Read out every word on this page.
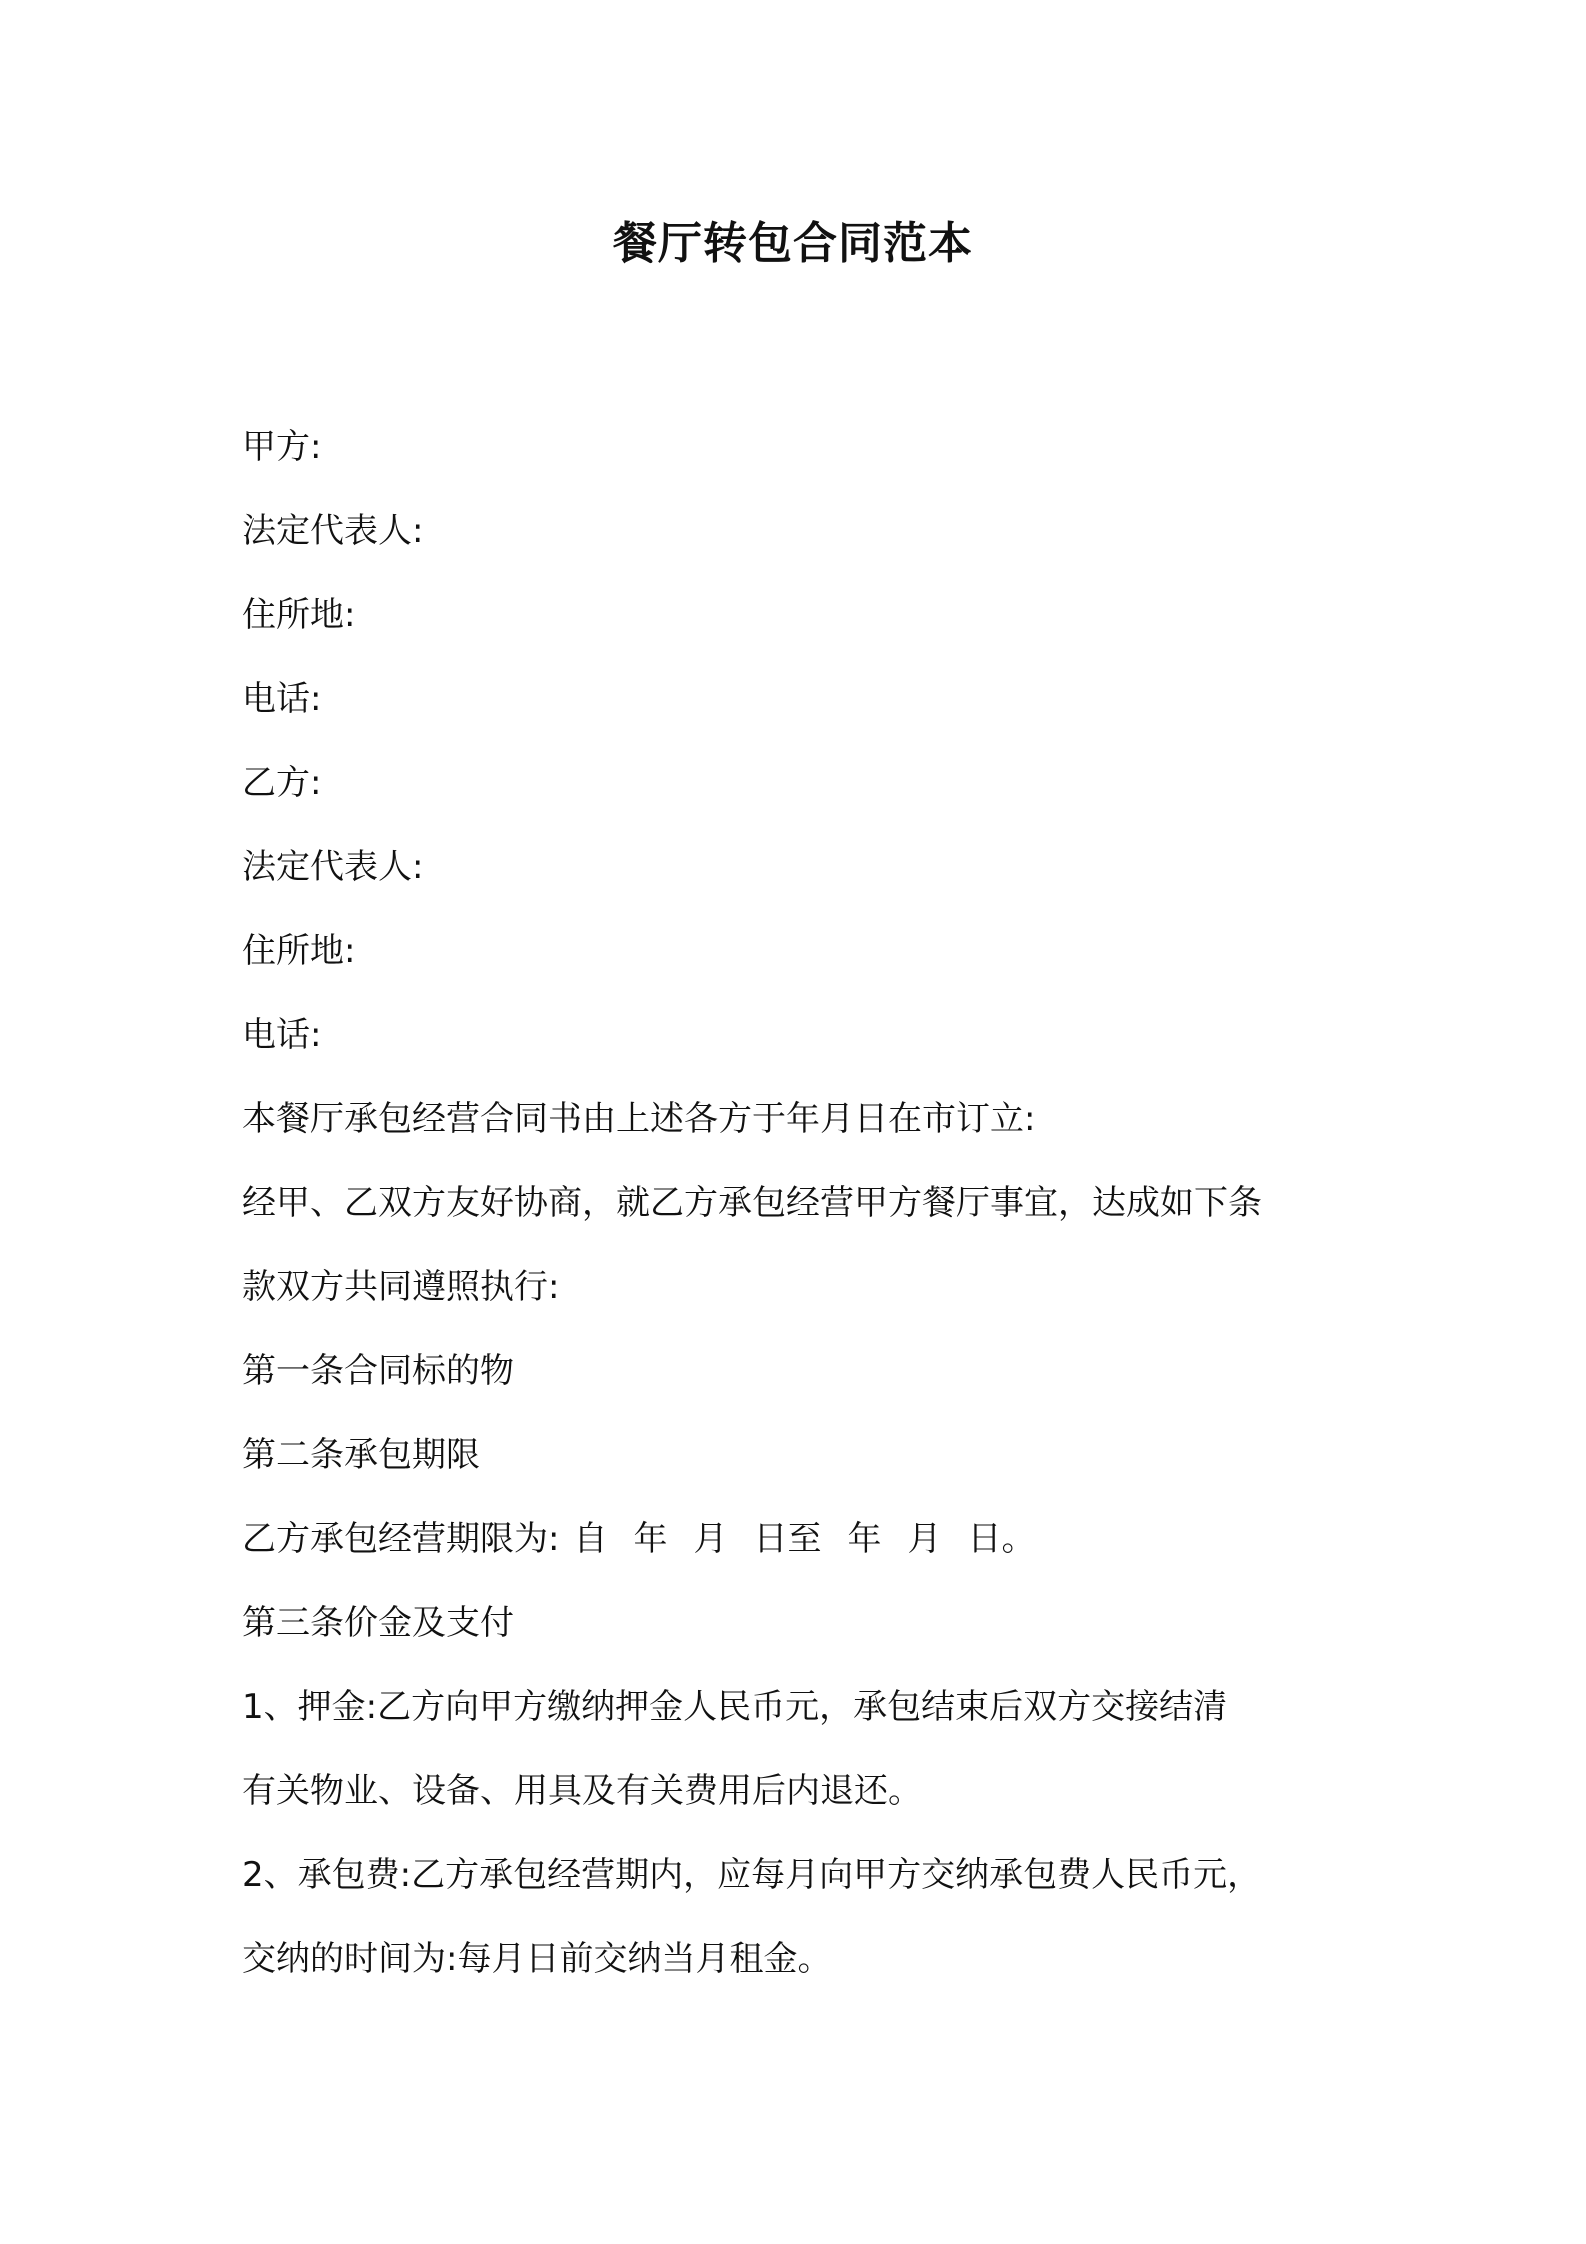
餐厅转包合同范本
甲方:
法定代表人:
住所地:
电话:
乙方:
法定代表人:
住所地:
电话:
本餐厅承包经营合同书由上述各方于年月日在市订立:
经甲、乙双方友好协商，就乙方承包经营甲方餐厅事宜，达成如下条
款双方共同遵照执行:
第一条合同标的物
第二条承包期限
乙方承包经营期限为: 自 年 月 日至 年 月 日。
第三条价金及支付
1、押金:乙方向甲方缴纳押金人民币元，承包结束后双方交接结清
有关物业、设备、用具及有关费用后内退还。
2、承包费:乙方承包经营期内，应每月向甲方交纳承包费人民币元，
交纳的时间为:每月日前交纳当月租金。
